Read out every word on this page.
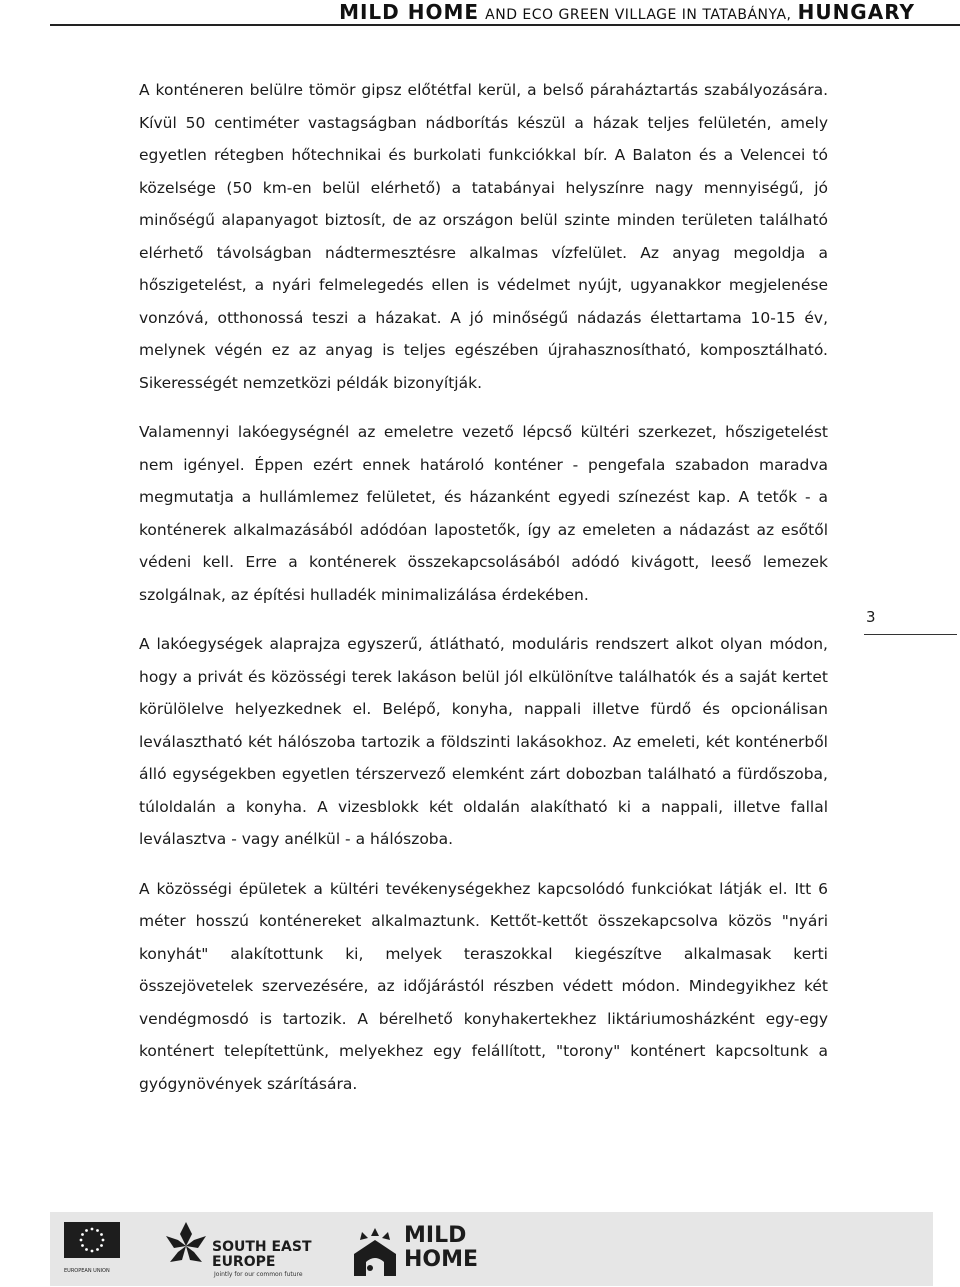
MILD HOME AND ECO GREEN VILLAGE IN TATABÁNYA, HUNGARY

A konténeren belülre tömör gipsz előtétfal kerül, a belső páraháztartás szabályozására. Kívül 50 centiméter vastagságban nádborítás készül a házak teljes felületén, amely egyetlen rétegben hőtechnikai és burkolati funkciókkal bír. A Balaton és a Velencei tó közelsége (50 km-en belül elérhető) a tatabányai helyszínre nagy mennyiségű, jó minőségű alapanyagot biztosít, de az országon belül szinte minden területen található elérhető távolságban nádtermesztésre alkalmas vízfelület. Az anyag megoldja a hőszigetelést, a nyári felmelegedés ellen is védelmet nyújt, ugyanakkor megjelenése vonzóvá, otthonossá teszi a házakat. A jó minőségű nádazás élettartama 10-15 év, melynek végén ez az anyag is teljes egészében újrahasznosítható, komposztálható. Sikerességét nemzetközi példák bizonyítják.

Valamennyi lakóegységnél az emeletre vezető lépcső kültéri szerkezet, hőszigetelést nem igényel. Éppen ezért ennek határoló konténer - pengefala szabadon maradva megmutatja a hullámlemez felületet, és házanként egyedi színezést kap. A tetők - a konténerek alkalmazásából adódóan lapostetők, így az emeleten a nádazást az esőtől védeni kell. Erre a konténerek összekapcsolásából adódó kivágott, leeső lemezek szolgálnak, az építési hulladék minimalizálása érdekében.

A lakóegységek alaprajza egyszerű, átlátható, moduláris rendszert alkot olyan módon, hogy a privát és közösségi terek lakáson belül jól elkülönítve találhatók és a saját kertet körülölelve helyezkednek el. Belépő, konyha, nappali illetve fürdő és opcionálisan leválasztható két hálószoba tartozik a földszinti lakásokhoz. Az emeleti, két konténerből álló egységekben egyetlen térszervező elemként zárt dobozban található a fürdőszoba, túloldalán a konyha. A vizesblokk két oldalán alakítható ki a nappali, illetve fallal leválasztva - vagy anélkül - a hálószoba.

A közösségi épületek a kültéri tevékenységekhez kapcsolódó funkciókat látják el. Itt 6 méter hosszú konténereket alkalmaztunk. Kettőt-kettőt összekapcsolva közös "nyári konyhát" alakítottunk ki, melyek teraszokkal kiegészítve alkalmasak kerti összejövetelek szervezésére, az időjárástól részben védett módon. Mindegyikhez két vendégmosdó is tartozik. A bérelhető konyhakertekhez liktáriumosházként egy-egy konténert telepítettünk, melyekhez egy felállított, "torony" konténert kapcsoltunk a gyógynövények szárítására.

3
EUROPEAN UNION
SOUTH EAST
EUROPE
Jointly for our common future
MILD
HOME
